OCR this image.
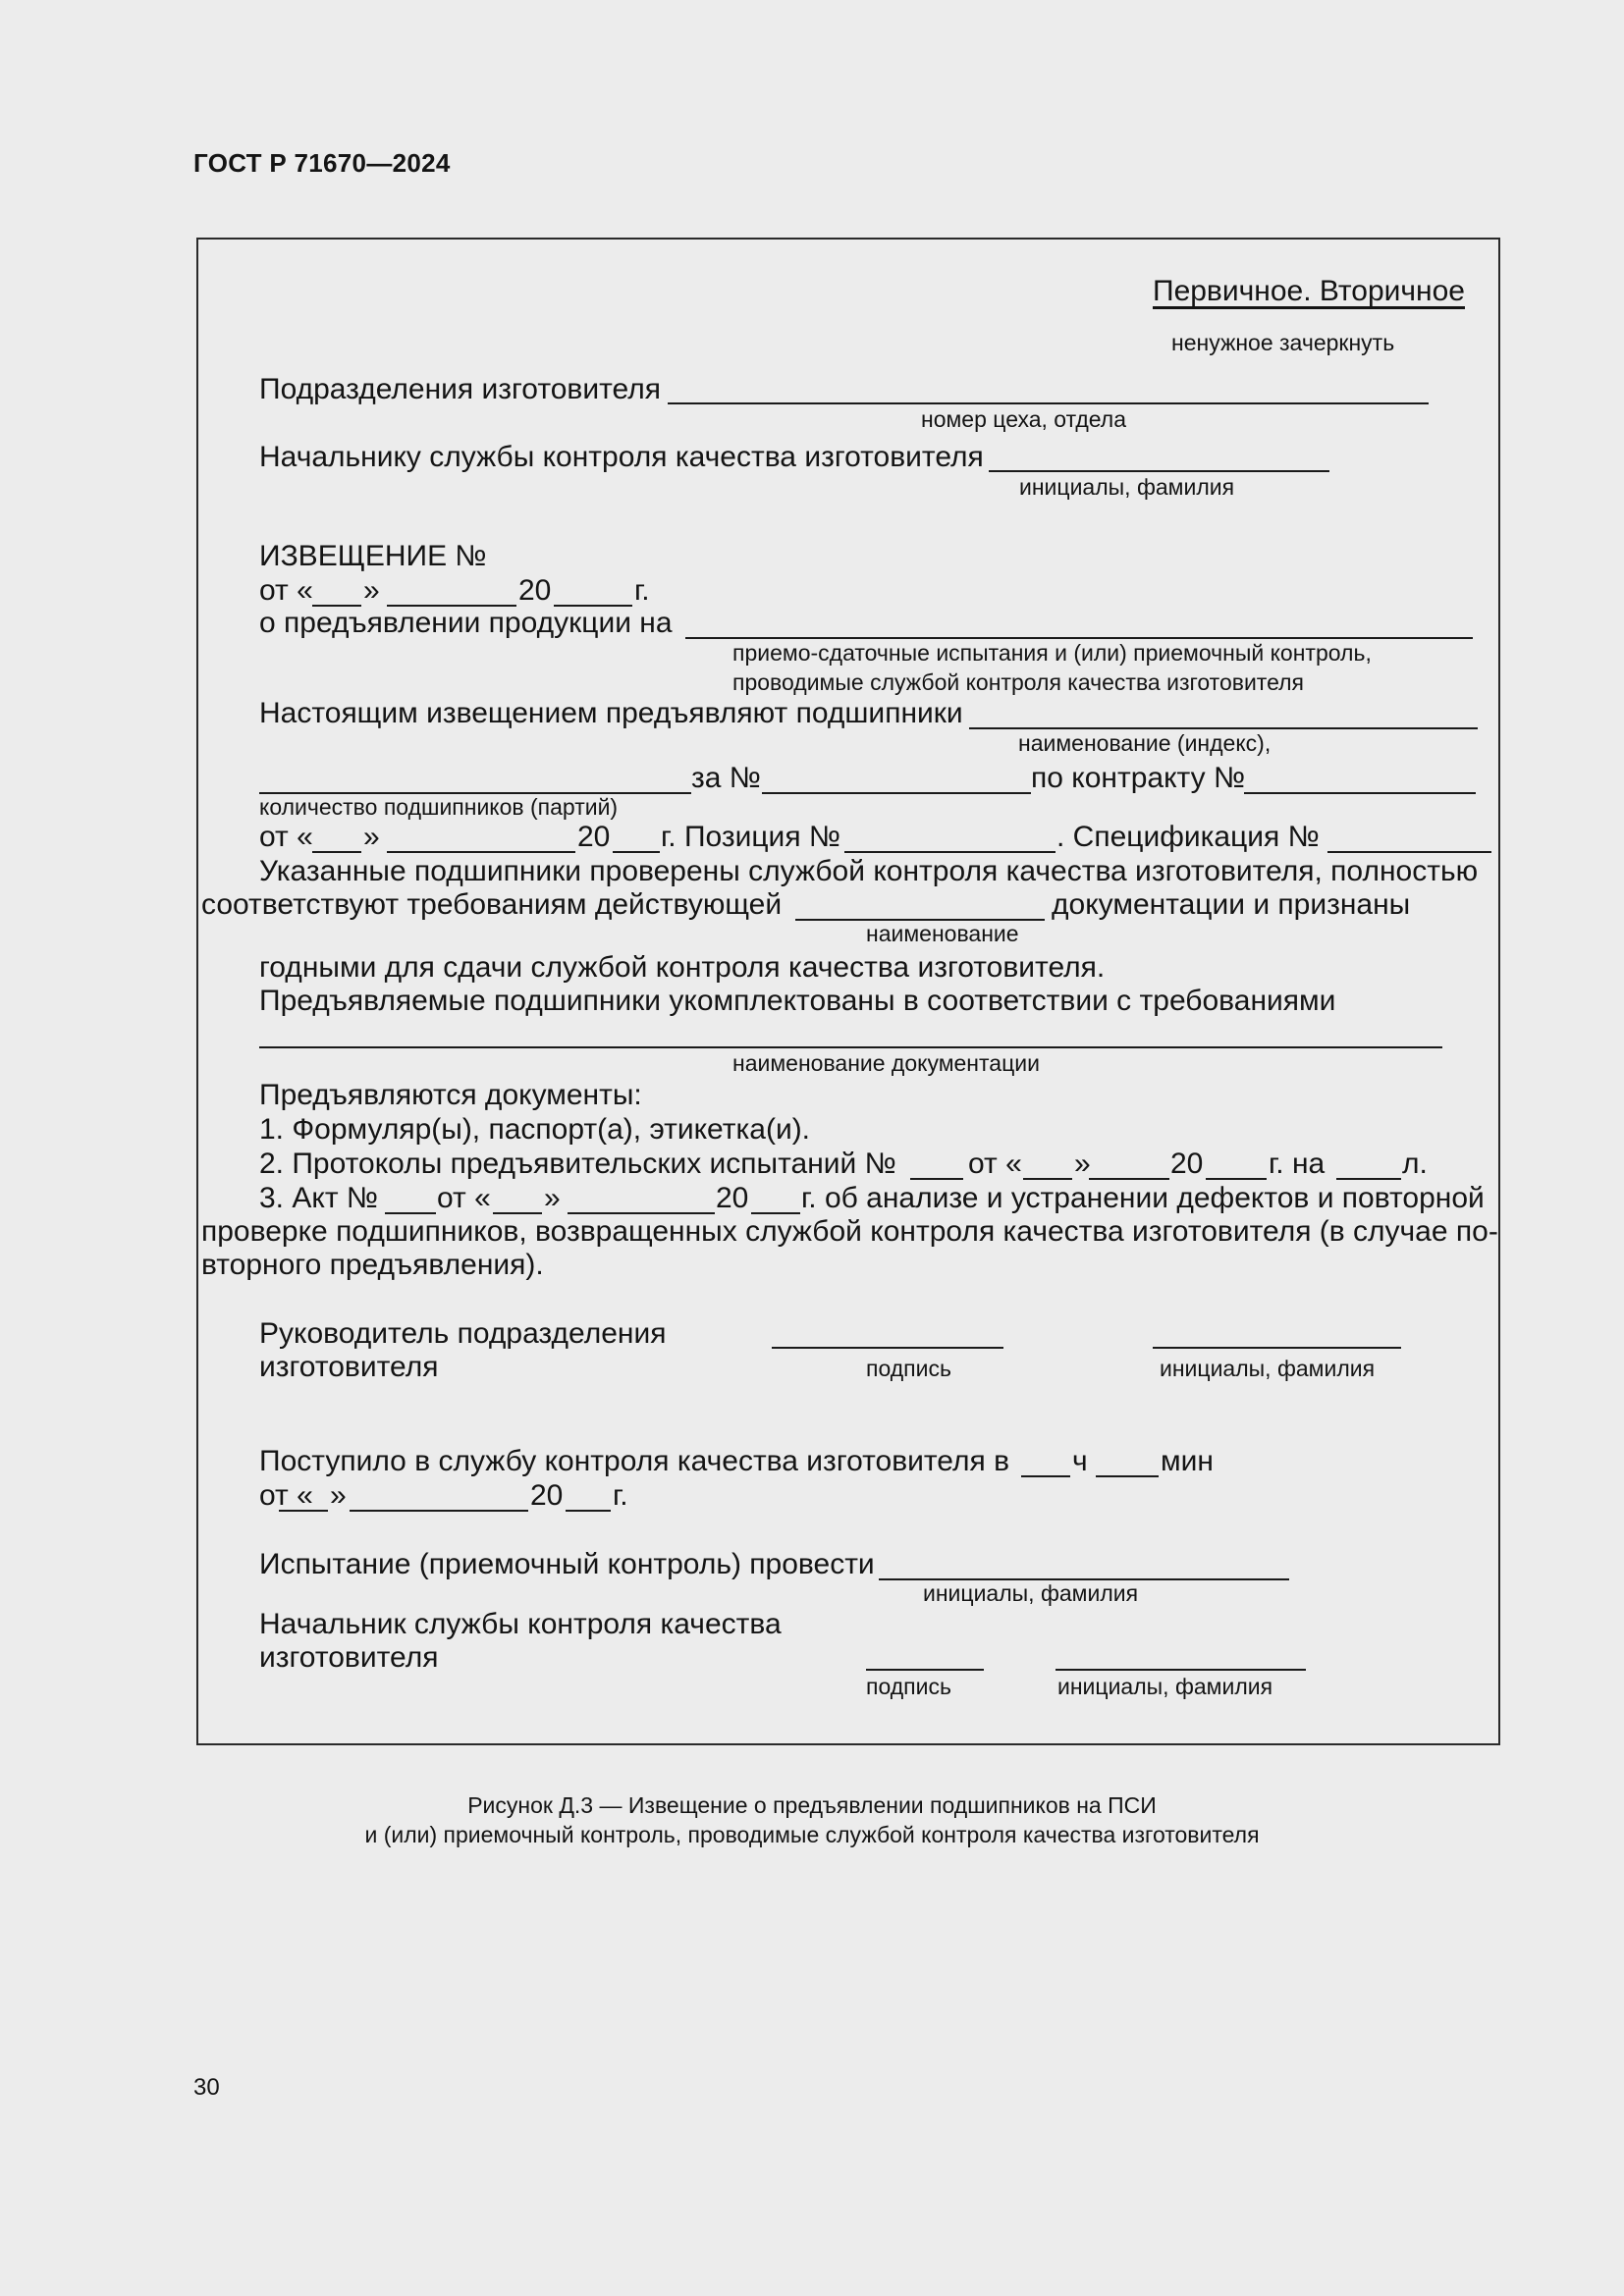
ГОСТ Р 71670—2024
Первичное. Вторичное
ненужное зачеркнуть
Подразделения изготовителя
номер цеха, отдела
Начальнику службы контроля качества изготовителя
инициалы, фамилия
ИЗВЕЩЕНИЕ №
от « »	20	г.
о предъявлении продукции на
приемо-сдаточные испытания и (или) приемочный контроль,
проводимые службой контроля качества изготовителя
Настоящим извещением предъявляют подшипники
наименование (индекс),
за №	по контракту №
количество подшипников (партий)
от « »	20 г. Позиция №	. Спецификация №
Указанные подшипники проверены службой контроля качества изготовителя, полностью
соответствуют требованиям действующей	документации и признаны
наименование
годными для сдачи службой контроля качества изготовителя.
Предъявляемые подшипники укомплектованы в соответствии с требованиями
наименование документации
Предъявляются документы:
1. Формуляр(ы), паспорт(а), этикетка(и).
2. Протоколы предъявительских испытаний № от « »	20 г. на	л.
3. Акт № от « »	20 г. об анализе и устранении дефектов и повторной
проверке подшипников, возвращенных службой контроля качества изготовителя (в случае по-
вторного предъявления).
Руководитель подразделения
изготовителя	подпись	инициалы, фамилия
Поступило в службу контроля качества изготовителя в ч мин
от « »	20 г.
Испытание (приемочный контроль) провести
инициалы, фамилия
Начальник службы контроля качества
изготовителя
подпись	инициалы, фамилия
Рисунок Д.3 — Извещение о предъявлении подшипников на ПСИ
и (или) приемочный контроль, проводимые службой контроля качества изготовителя
30
